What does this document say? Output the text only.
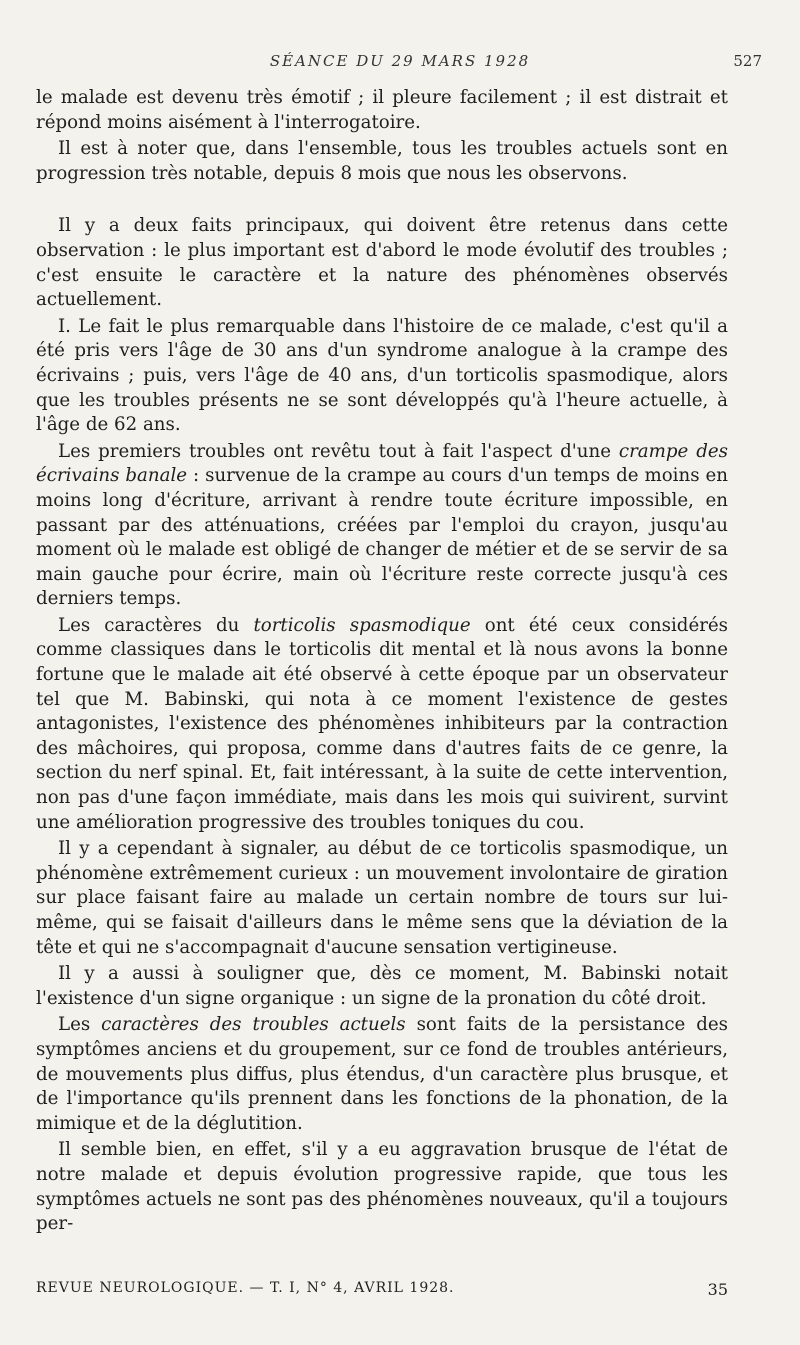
SÉANCE DU 29 MARS 1928	527

le malade est devenu très émotif ; il pleure facilement ; il est distrait et répond moins aisément à l'interrogatoire.

Il est à noter que, dans l'ensemble, tous les troubles actuels sont en progression très notable, depuis 8 mois que nous les observons.

Il y a deux faits principaux, qui doivent être retenus dans cette observation : le plus important est d'abord le mode évolutif des troubles ; c'est ensuite le caractère et la nature des phénomènes observés actuellement.

I. Le fait le plus remarquable dans l'histoire de ce malade, c'est qu'il a été pris vers l'âge de 30 ans d'un syndrome analogue à la crampe des écrivains ; puis, vers l'âge de 40 ans, d'un torticolis spasmodique, alors que les troubles présents ne se sont développés qu'à l'heure actuelle, à l'âge de 62 ans.

Les premiers troubles ont revêtu tout à fait l'aspect d'une crampe des écrivains banale : survenue de la crampe au cours d'un temps de moins en moins long d'écriture, arrivant à rendre toute écriture impossible, en passant par des atténuations, créées par l'emploi du crayon, jusqu'au moment où le malade est obligé de changer de métier et de se servir de sa main gauche pour écrire, main où l'écriture reste correcte jusqu'à ces derniers temps.

Les caractères du torticolis spasmodique ont été ceux considérés comme classiques dans le torticolis dit mental et là nous avons la bonne fortune que le malade ait été observé à cette époque par un observateur tel que M. Babinski, qui nota à ce moment l'existence de gestes antagonistes, l'existence des phénomènes inhibiteurs par la contraction des mâchoires, qui proposa, comme dans d'autres faits de ce genre, la section du nerf spinal. Et, fait intéressant, à la suite de cette intervention, non pas d'une façon immédiate, mais dans les mois qui suivirent, survint une amélioration progressive des troubles toniques du cou.

Il y a cependant à signaler, au début de ce torticolis spasmodique, un phénomène extrêmement curieux : un mouvement involontaire de giration sur place faisant faire au malade un certain nombre de tours sur lui-même, qui se faisait d'ailleurs dans le même sens que la déviation de la tête et qui ne s'accompagnait d'aucune sensation vertigineuse.

Il y a aussi à souligner que, dès ce moment, M. Babinski notait l'existence d'un signe organique : un signe de la pronation du côté droit.

Les caractères des troubles actuels sont faits de la persistance des symptômes anciens et du groupement, sur ce fond de troubles antérieurs, de mouvements plus diffus, plus étendus, d'un caractère plus brusque, et de l'importance qu'ils prennent dans les fonctions de la phonation, de la mimique et de la déglutition.

Il semble bien, en effet, s'il y a eu aggravation brusque de l'état de notre malade et depuis évolution progressive rapide, que tous les symptômes actuels ne sont pas des phénomènes nouveaux, qu'il a toujours per-

REVUE NEUROLOGIQUE. — T. I, N° 4, AVRIL 1928.	35
